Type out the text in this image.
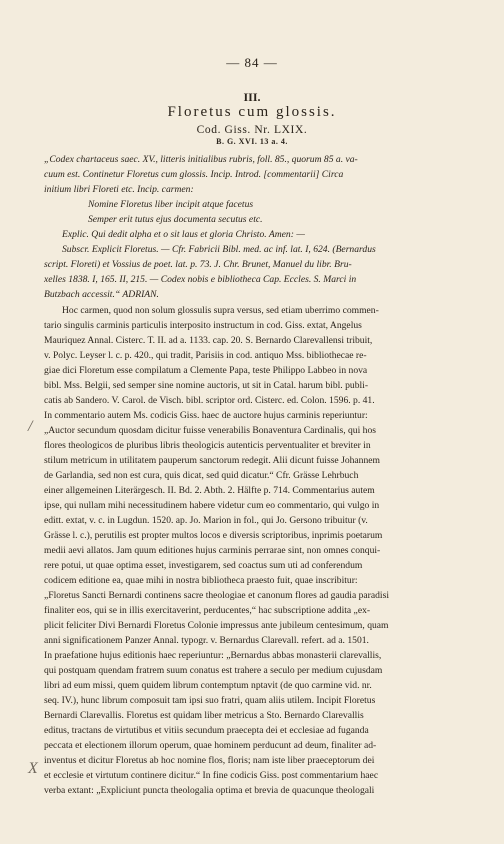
— 84 —
III.
Floretus cum glossis.
Cod. Giss. Nr. LXIX.
B. G. XVI. 13 a. 4.
„Codex chartaceus saec. XV., litteris initialibus rubris, foll. 85., quorum 85 a. va-
cuum est. Continetur Floretus cum glossis. Incip. Introd. [commentarii] Circa
initium libri Floreti etc. Incip. carmen:
Nomine Floretus liber incipit atque facetus
Semper erit tutus ejus documenta secutus etc.
Explic. Qui dedit alpha et o sit laus et gloria Christo. Amen: —
Subscr. Explicit Floretus. — Cfr. Fabricii Bibl. med. ac inf. lat. I, 624. (Bernardus
script. Floreti) et Vossius de poet. lat. p. 73. J. Chr. Brunet, Manuel du libr. Bru-
xelles 1838. I, 165. II, 215. — Codex nobis e bibliotheca Cap. Eccles. S. Marci in
Butzbach accessit.“ ADRIAN.
Hoc carmen, quod non solum glossulis supra versus, sed etiam uberrimo commen-
tario singulis carminis particulis interposito instructum in cod. Giss. extat, Angelus
Mauriquez Annal. Cisterc. T. II. ad a. 1133. cap. 20. S. Bernardo Clarevallensi tribuit,
v. Polyc. Leyser l. c. p. 420., qui tradit, Parisiis in cod. antiquo Mss. bibliothecae re-
giae dici Floretum esse compilatum a Clemente Papa, teste Philippo Labbeo in nova
bibl. Mss. Belgii, sed semper sine nomine auctoris, ut sit in Catal. harum bibl. publi-
catis ab Sandero. V. Carol. de Visch. bibl. scriptor ord. Cisterc. ed. Colon. 1596. p. 41.
In commentario autem Ms. codicis Giss. haec de auctore hujus carminis reperiuntur:
„Auctor secundum quosdam dicitur fuisse venerabilis Bonaventura Cardinalis, qui hos
flores theologicos de pluribus libris theologicis autenticis perventualiter et breviter in
stilum metricum in utilitatem pauperum sanctorum redegit. Alii dicunt fuisse Johannem
de Garlandia, sed non est cura, quis dicat, sed quid dicatur.“ Cfr. Grässe Lehrbuch
einer allgemeinen Literärgesch. II. Bd. 2. Abth. 2. Hälfte p. 714. Commentarius autem
ipse, qui nullam mihi necessitudinem habere videtur cum eo commentario, qui vulgo in
editt. extat, v. c. in Lugdun. 1520. ap. Jo. Marion in fol., qui Jo. Gersono tribuitur (v.
Grässe l. c.), perutilis est propter multos locos e diversis scriptoribus, inprimis poetarum
medii aevi allatos. Jam quum editiones hujus carminis perrarae sint, non omnes conqui-
rere potui, ut quae optima esset, investigarem, sed coactus sum uti ad conferendum
codicem editione ea, quae mihi in nostra bibliotheca praesto fuit, quae inscribitur:
„Floretus Sancti Bernardi continens sacre theologiae et canonum flores ad gaudia paradisi
finaliter eos, qui se in illis exercitaverint, perducentes,“ hac subscriptione addita „ex-
plicit feliciter Divi Bernardi Floretus Colonie impressus ante jubileum centesimum, quam
anni significationem Panzer Annal. typogr. v. Bernardus Clarevall. refert. ad a. 1501.
In praefatione hujus editionis haec reperiuntur: „Bernardus abbas monasterii clarevallis,
qui postquam quendam fratrem suum conatus est trahere a seculo per medium cujusdam
libri ad eum missi, quem quidem librum contemptum nptavit (de quo carmine vid. nr.
seq. IV.), hunc librum composuit tam ipsi suo fratri, quam aliis utilem. Incipit Floretus
Bernardi Clarevallis. Floretus est quidam liber metricus a Sto. Bernardo Clarevallis
editus, tractans de virtutibus et vitiis secundum praecepta dei et ecclesiae ad fuganda
peccata et electionem illorum operum, quae hominem perducunt ad deum, finaliter ad-
inventus et dicitur Floretus ab hoc nomine flos, floris; nam iste liber praeceptorum dei
et ecclesie et virtutum continere dicitur.“ In fine codicis Giss. post commentarium haec
verba extant: „Expliciunt puncta theologalia optima et brevia de quacunque theologali
/
X
